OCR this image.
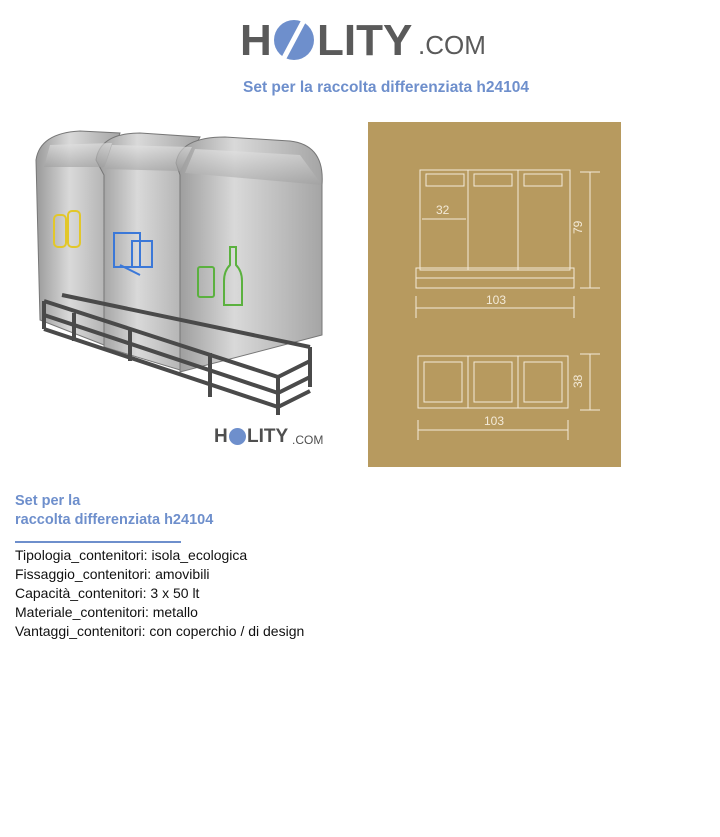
H LITY .COM
Set per la raccolta differenziata h24104
H LITY .COM
32
79
103
38
103
Set per la
raccolta differenziata h24104
Tipologia_contenitori: isola_ecologica
Fissaggio_contenitori: amovibili
Capacità_contenitori: 3 x 50 lt
Materiale_contenitori: metallo
Vantaggi_contenitori: con coperchio / di design
